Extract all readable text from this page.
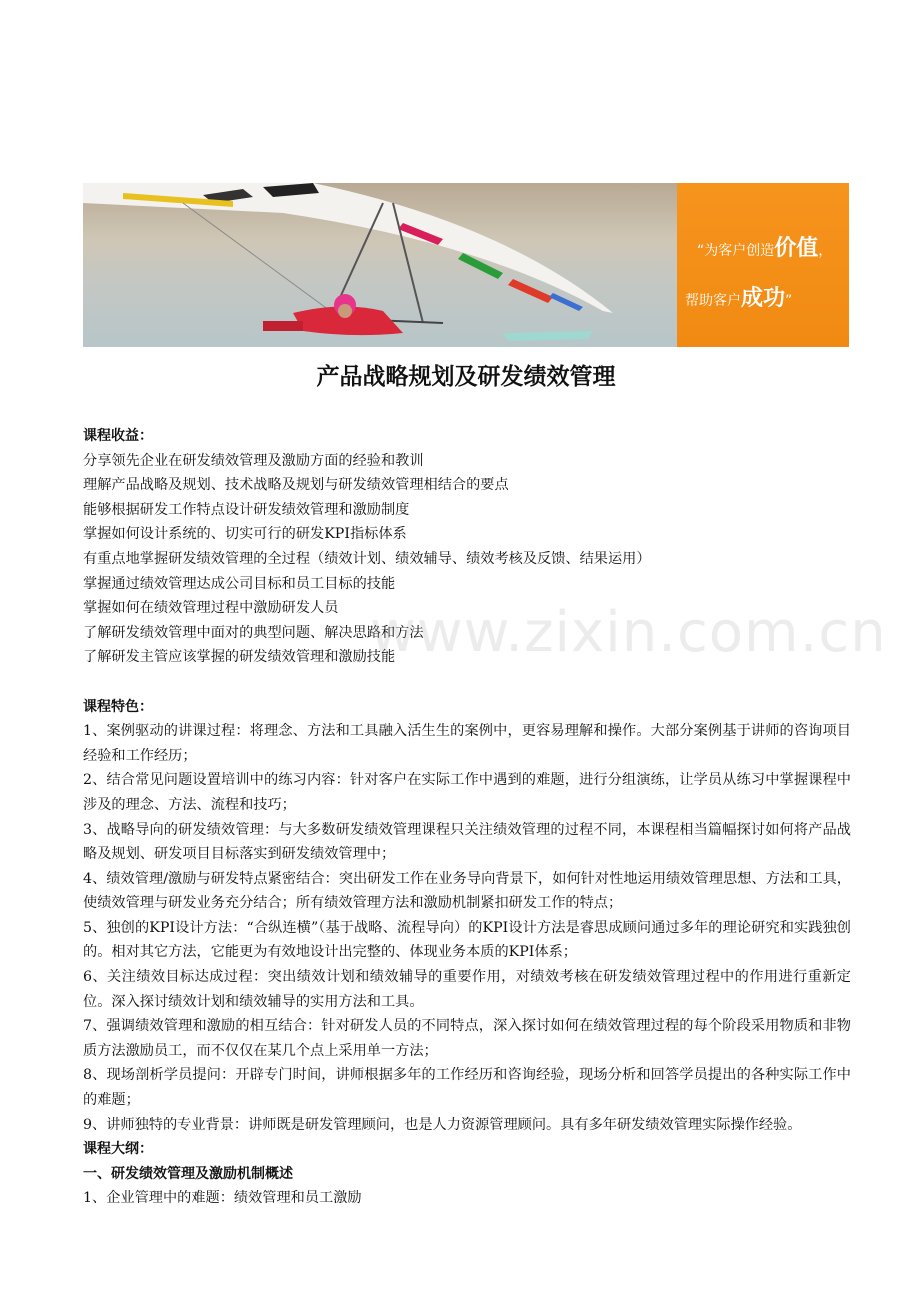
“为客户创造价值，
帮助客户成功”
产品战略规划及研发绩效管理
课程收益：
分享领先企业在研发绩效管理及激励方面的经验和教训
理解产品战略及规划、技术战略及规划与研发绩效管理相结合的要点
能够根据研发工作特点设计研发绩效管理和激励制度
掌握如何设计系统的、切实可行的研发KPI指标体系
有重点地掌握研发绩效管理的全过程（绩效计划、绩效辅导、绩效考核及反馈、结果运用）
掌握通过绩效管理达成公司目标和员工目标的技能
掌握如何在绩效管理过程中激励研发人员
了解研发绩效管理中面对的典型问题、解决思路和方法
了解研发主管应该掌握的研发绩效管理和激励技能
课程特色：
1、案例驱动的讲课过程：将理念、方法和工具融入活生生的案例中，更容易理解和操作。大部分案例基于讲师的咨询项目经验和工作经历；
2、结合常见问题设置培训中的练习内容：针对客户在实际工作中遇到的难题，进行分组演练，让学员从练习中掌握课程中涉及的理念、方法、流程和技巧；
3、战略导向的研发绩效管理：与大多数研发绩效管理课程只关注绩效管理的过程不同，本课程相当篇幅探讨如何将产品战略及规划、研发项目目标落实到研发绩效管理中；
4、绩效管理/激励与研发特点紧密结合：突出研发工作在业务导向背景下，如何针对性地运用绩效管理思想、方法和工具，使绩效管理与研发业务充分结合；所有绩效管理方法和激励机制紧扣研发工作的特点；
5、独创的KPI设计方法：“合纵连横”（基于战略、流程导向）的KPI设计方法是睿思成顾问通过多年的理论研究和实践独创的。相对其它方法，它能更为有效地设计出完整的、体现业务本质的KPI体系；
6、关注绩效目标达成过程：突出绩效计划和绩效辅导的重要作用，对绩效考核在研发绩效管理过程中的作用进行重新定位。深入探讨绩效计划和绩效辅导的实用方法和工具。
7、强调绩效管理和激励的相互结合：针对研发人员的不同特点，深入探讨如何在绩效管理过程的每个阶段采用物质和非物质方法激励员工，而不仅仅在某几个点上采用单一方法；
8、现场剖析学员提问：开辟专门时间，讲师根据多年的工作经历和咨询经验，现场分析和回答学员提出的各种实际工作中的难题；
9、讲师独特的专业背景：讲师既是研发管理顾问，也是人力资源管理顾问。具有多年研发绩效管理实际操作经验。
课程大纲：
一、研发绩效管理及激励机制概述
1、企业管理中的难题：绩效管理和员工激励
www.zixin.com.cn
